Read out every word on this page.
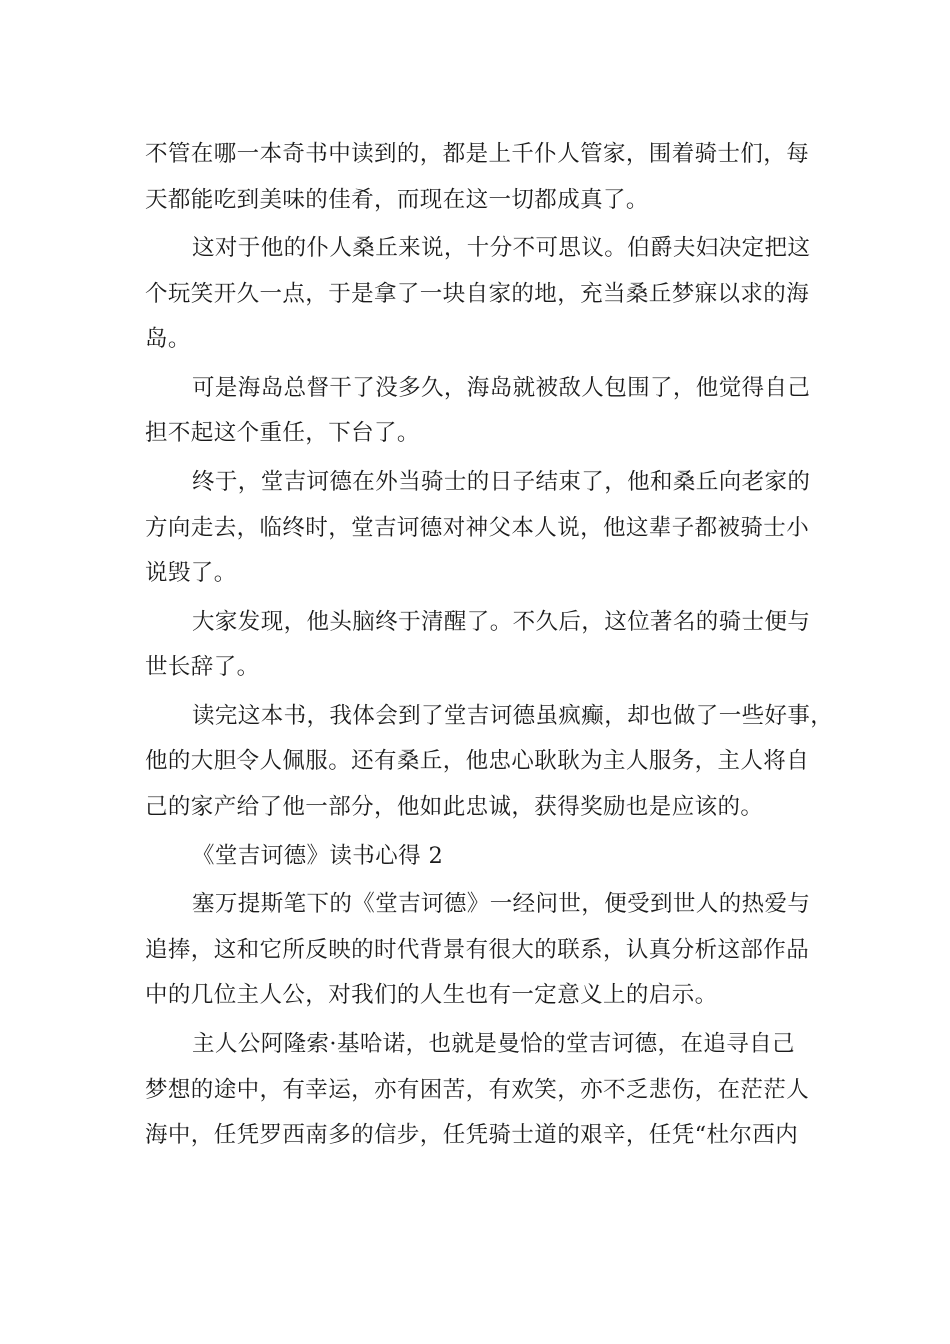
不管在哪一本奇书中读到的，都是上千仆人管家，围着骑士们，每

天都能吃到美味的佳肴，而现在这一切都成真了。

这对于他的仆人桑丘来说，十分不可思议。伯爵夫妇决定把这

个玩笑开久一点，于是拿了一块自家的地，充当桑丘梦寐以求的海

岛。

可是海岛总督干了没多久，海岛就被敌人包围了，他觉得自己

担不起这个重任，下台了。

终于，堂吉诃德在外当骑士的日子结束了，他和桑丘向老家的

方向走去，临终时，堂吉诃德对神父本人说，他这辈子都被骑士小

说毁了。

大家发现，他头脑终于清醒了。不久后，这位著名的骑士便与

世长辞了。

读完这本书，我体会到了堂吉诃德虽疯癫，却也做了一些好事，

他的大胆令人佩服。还有桑丘，他忠心耿耿为主人服务，主人将自

己的家产给了他一部分，他如此忠诚，获得奖励也是应该的。

《堂吉诃德》读书心得 2

塞万提斯笔下的《堂吉诃德》一经问世，便受到世人的热爱与

追捧，这和它所反映的时代背景有很大的联系，认真分析这部作品

中的几位主人公，对我们的人生也有一定意义上的启示。

主人公阿隆索·基哈诺，也就是曼恰的堂吉诃德，在追寻自己

梦想的途中，有幸运，亦有困苦，有欢笑，亦不乏悲伤，在茫茫人

海中，任凭罗西南多的信步，任凭骑士道的艰辛，任凭“杜尔西内
